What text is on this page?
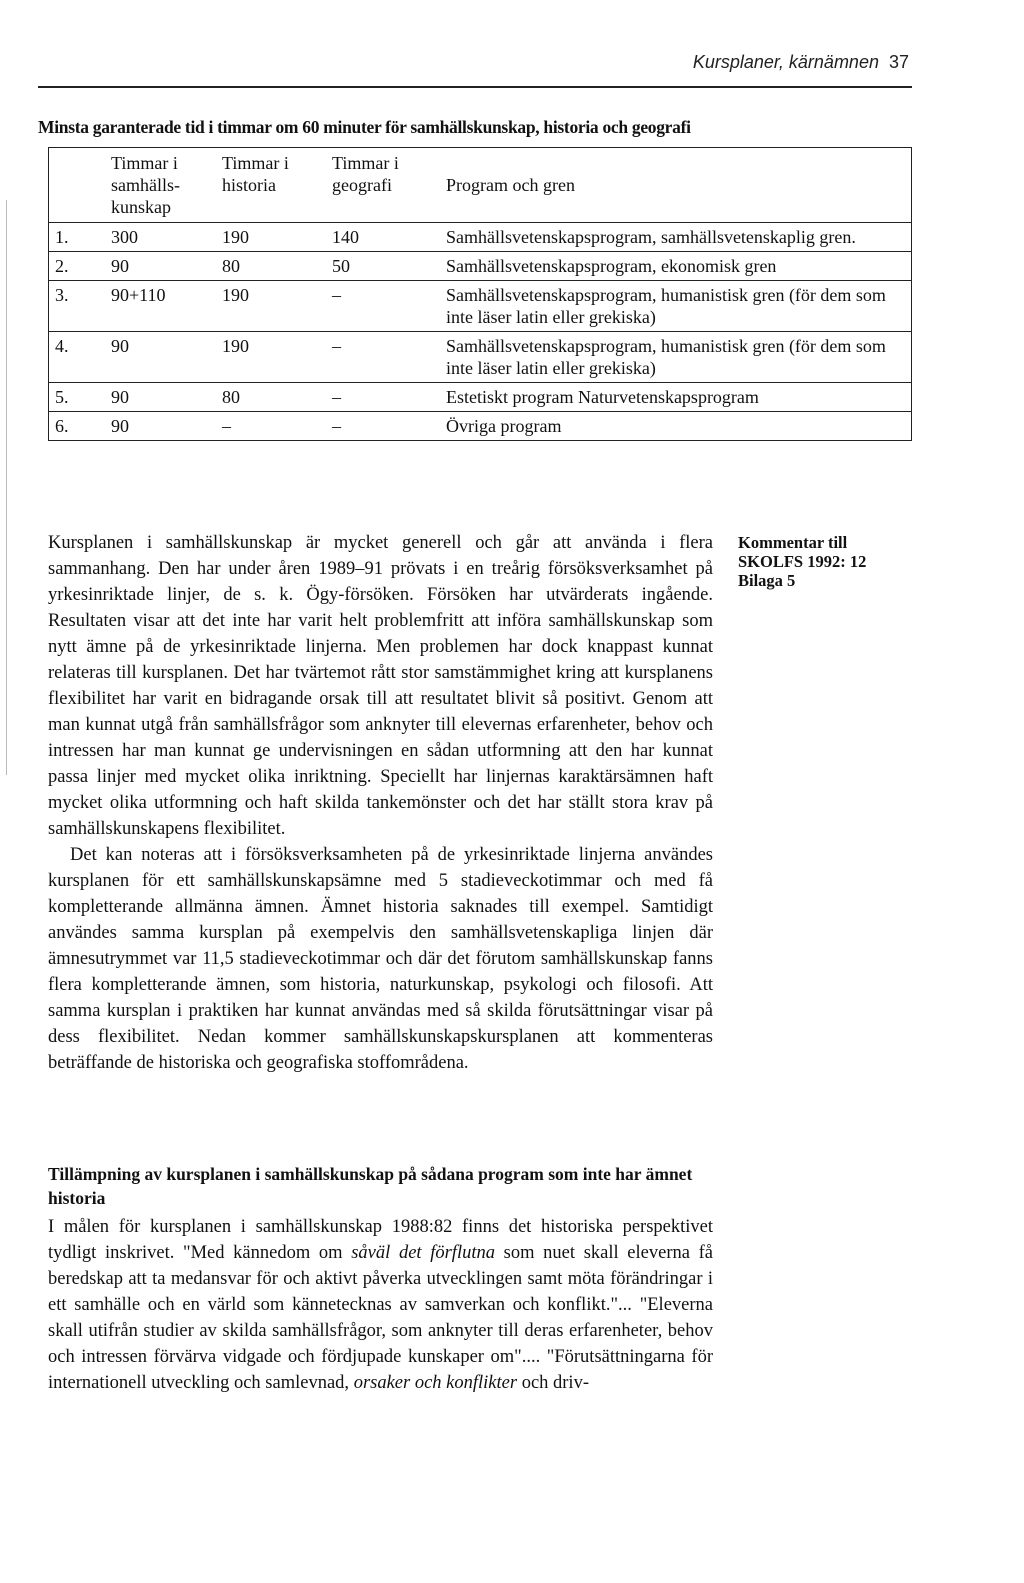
Kursplaner, kärnämnen 37
Minsta garanterade tid i timmar om 60 minuter för samhällskunskap, historia och geografi
	Timmar i samhälls- kunskap	Timmar i historia	Timmar i geografi	Program och gren
1.	300	190	140	Samhällsvetenskapsprogram, samhällsvetenskaplig gren.
2.	90	80	50	Samhällsvetenskapsprogram, ekonomisk gren
3.	90+110	190	–	Samhällsvetenskapsprogram, humanistisk gren (för dem som inte läser latin eller grekiska)
4.	90	190	–	Samhällsvetenskapsprogram, humanistisk gren (för dem som inte läser latin eller grekiska)
5.	90	80	–	Estetiskt program Naturvetenskapsprogram
6.	90	–	–	Övriga program
Kommentar till
SKOLFS 1992: 12
Bilaga 5

Kursplanen i samhällskunskap är mycket generell och går att använda i flera sammanhang. Den har under åren 1989–91 prövats i en treårig försöksverksamhet på yrkesinriktade linjer, de s. k. Ögy-försöken. Försöken har utvärderats ingående. Resultaten visar att det inte har varit helt problemfritt att införa samhällskunskap som nytt ämne på de yrkesinriktade linjerna. Men problemen har dock knappast kunnat relateras till kursplanen. Det har tvärtemot rått stor samstämmighet kring att kursplanens flexibilitet har varit en bidragande orsak till att resultatet blivit så positivt. Genom att man kunnat utgå från samhällsfrågor som anknyter till elevernas erfarenheter, behov och intressen har man kunnat ge undervisningen en sådan utformning att den har kunnat passa linjer med mycket olika inriktning. Speciellt har linjernas karaktärsämnen haft mycket olika utformning och haft skilda tankemönster och det har ställt stora krav på samhällskunskapens flexibilitet.

Det kan noteras att i försöksverksamheten på de yrkesinriktade linjerna användes kursplanen för ett samhällskunskapsämne med 5 stadieveckotimmar och med få kompletterande allmänna ämnen. Ämnet historia saknades till exempel. Samtidigt användes samma kursplan på exempelvis den samhällsvetenskapliga linjen där ämnesutrymmet var 11,5 stadieveckotimmar och där det förutom samhällskunskap fanns flera kompletterande ämnen, som historia, naturkunskap, psykologi och filosofi. Att samma kursplan i praktiken har kunnat användas med så skilda förutsättningar visar på dess flexibilitet. Nedan kommer samhällskunskapskursplanen att kommenteras beträffande de historiska och geografiska stoffområdena.

Tillämpning av kursplanen i samhällskunskap på sådana program som inte har ämnet historia

I målen för kursplanen i samhällskunskap 1988:82 finns det historiska perspektivet tydligt inskrivet. "Med kännedom om såväl det förflutna som nuet skall eleverna få beredskap att ta medansvar för och aktivt påverka utvecklingen samt möta förändringar i ett samhälle och en värld som kännetecknas av samverkan och konflikt."... "Eleverna skall utifrån studier av skilda samhällsfrågor, som anknyter till deras erfarenheter, behov och intressen förvärva vidgade och fördjupade kunskaper om".... "Förutsättningarna för internationell utveckling och samlevnad, orsaker och konflikter och driv-
